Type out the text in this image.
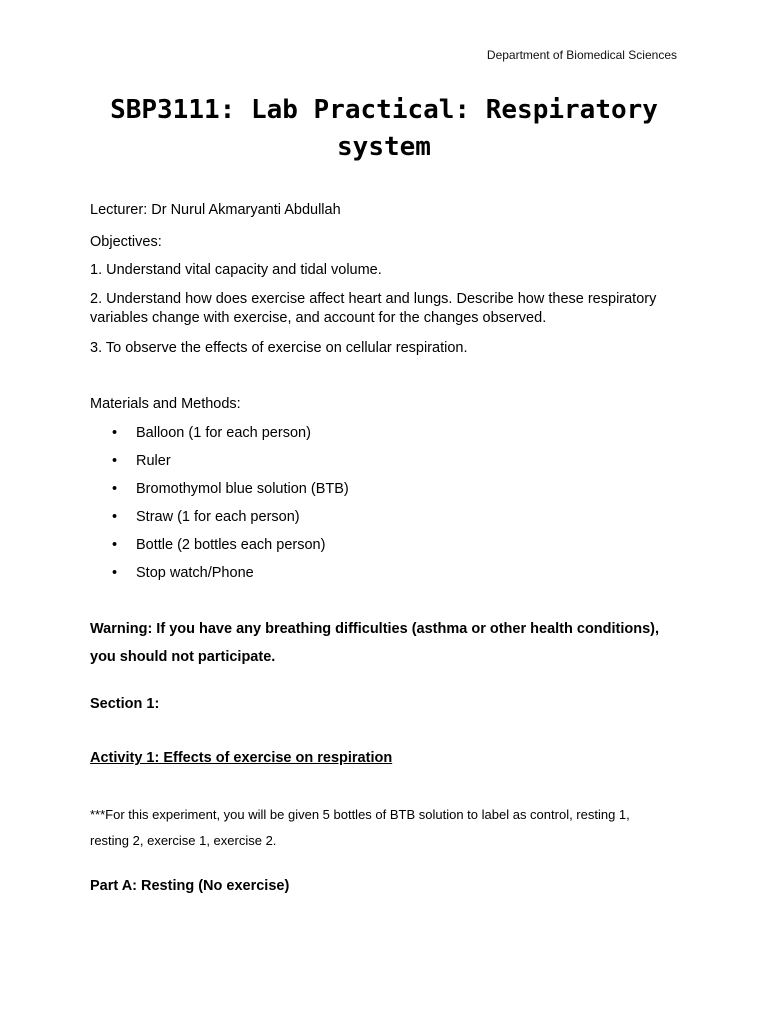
Department of Biomedical Sciences
SBP3111: Lab Practical: Respiratory
system

Lecturer: Dr Nurul Akmaryanti Abdullah

Objectives:

1. Understand vital capacity and tidal volume.

2. Understand how does exercise affect heart and lungs. Describe how these respiratory
variables change with exercise, and account for the changes observed.

3. To observe the effects of exercise on cellular respiration.

Materials and Methods:

• Balloon (1 for each person)
• Ruler
• Bromothymol blue solution (BTB)
• Straw (1 for each person)
• Bottle (2 bottles each person)
• Stop watch/Phone

Warning: If you have any breathing difficulties (asthma or other health conditions),
you should not participate.

Section 1:

Activity 1: Effects of exercise on respiration

***For this experiment, you will be given 5 bottles of BTB solution to label as control, resting 1,
resting 2, exercise 1, exercise 2.

Part A: Resting (No exercise)
